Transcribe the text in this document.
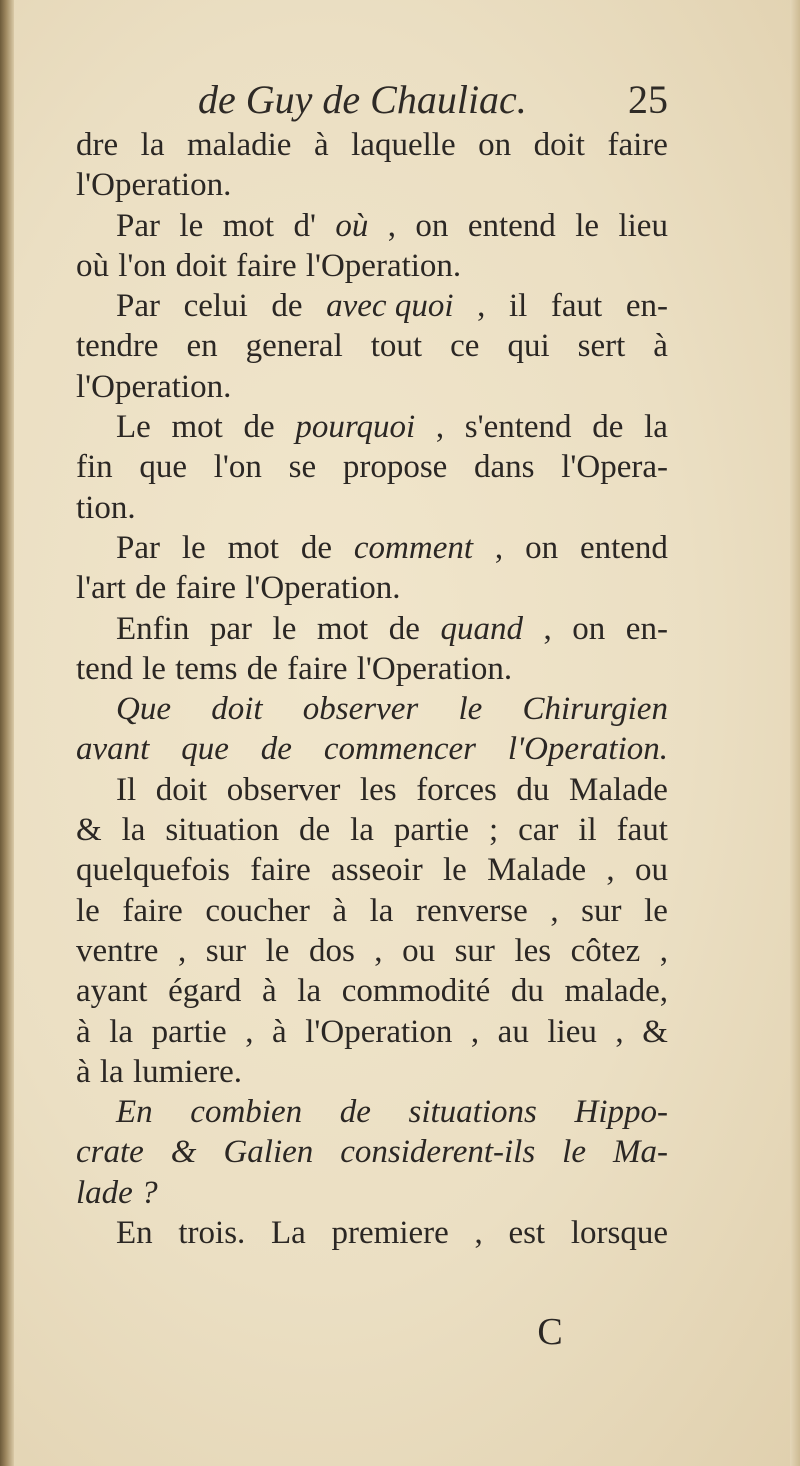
de Guy de Chauliac.	25
dre la maladie à laquelle on doit faire
l'Operation.
Par le mot d' où , on entend le lieu
où l'on doit faire l'Operation.
Par celui de avec quoi , il faut en-
tendre en general tout ce qui sert à
l'Operation.
Le mot de pourquoi , s'entend de la
fin que l'on se propose dans l'Opera-
tion.
Par le mot de comment , on entend
l'art de faire l'Operation.
Enfin par le mot de quand , on en-
tend le tems de faire l'Operation.
Que doit observer le Chirurgien
avant que de commencer l'Operation.
Il doit observer les forces du Malade
& la situation de la partie ; car il faut
quelquefois faire asseoir le Malade , ou
le faire coucher à la renverse , sur le
ventre , sur le dos , ou sur les côtez ,
ayant égard à la commodité du malade,
à la partie , à l'Operation , au lieu , &
à la lumiere.
En combien de situations Hippo-
crate & Galien considerent-ils le Ma-
lade ?
En trois. La premiere , est lorsque
C
